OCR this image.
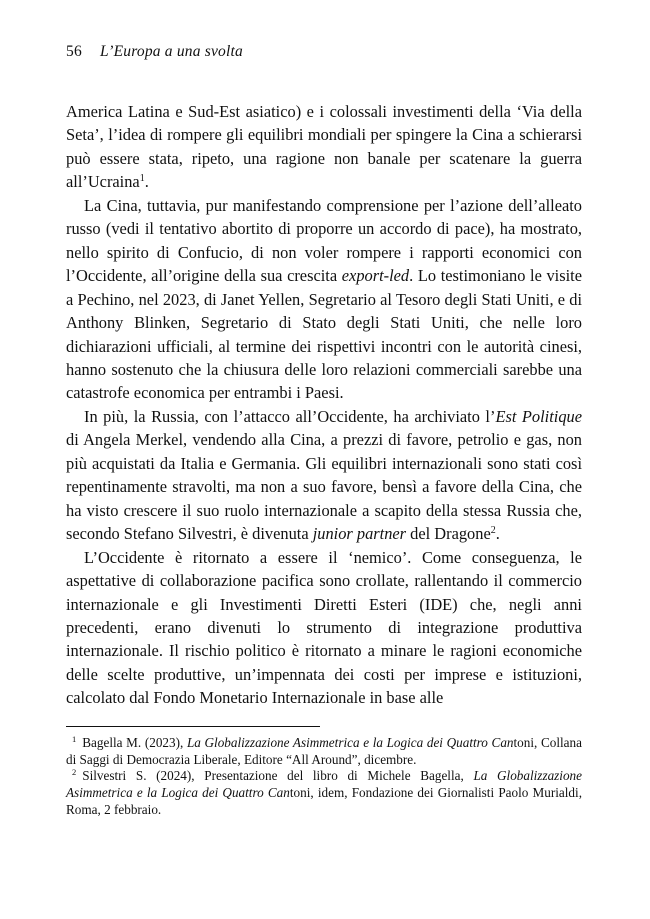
56 L’Europa a una svolta

America Latina e Sud-Est asiatico) e i colossali investimenti della ‘Via della Seta’, l’idea di rompere gli equilibri mondiali per spingere la Cina a schierarsi può essere stata, ripeto, una ragione non banale per scatenare la guerra all’Ucraina$^1$.

La Cina, tuttavia, pur manifestando comprensione per l’azione dell’alleato russo (vedi il tentativo abortito di proporre un accordo di pace), ha mostrato, nello spirito di Confucio, di non voler rompere i rapporti economici con l’Occidente, all’origine della sua crescita export-led. Lo testimoniano le visite a Pechino, nel 2023, di Janet Yellen, Segretario al Tesoro degli Stati Uniti, e di Anthony Blinken, Segretario di Stato degli Stati Uniti, che nelle loro dichiarazioni ufficiali, al termine dei rispettivi incontri con le autorità cinesi, hanno sostenuto che la chiusura delle loro relazioni commerciali sarebbe una catastrofe economica per entrambi i Paesi.

In più, la Russia, con l’attacco all’Occidente, ha archiviato l’Est Politique di Angela Merkel, vendendo alla Cina, a prezzi di favore, petrolio e gas, non più acquistati da Italia e Germania. Gli equilibri internazionali sono stati così repentinamente stravolti, ma non a suo favore, bensì a favore della Cina, che ha visto crescere il suo ruolo internazionale a scapito della stessa Russia che, secondo Stefano Silvestri, è divenuta junior partner del Dragone$^2$.

L’Occidente è ritornato a essere il ‘nemico’. Come conseguenza, le aspettative di collaborazione pacifica sono crollate, rallentando il commercio internazionale e gli Investimenti Diretti Esteri (IDE) che, negli anni precedenti, erano divenuti lo strumento di integrazione produttiva internazionale. Il rischio politico è ritornato a minare le ragioni economiche delle scelte produttive, un’impennata dei costi per imprese e istituzioni, calcolato dal Fondo Monetario Internazionale in base alle

$^1$ Bagella M. (2023), La Globalizzazione Asimmetrica e la Logica dei Quattro Cantoni, Collana di Saggi di Democrazia Liberale, Editore “All Around”, dicembre.

$^2$ Silvestri S. (2024), Presentazione del libro di Michele Bagella, La Globalizzazione Asimmetrica e la Logica dei Quattro Cantoni, idem, Fondazione dei Giornalisti Paolo Murialdi, Roma, 2 febbraio.
